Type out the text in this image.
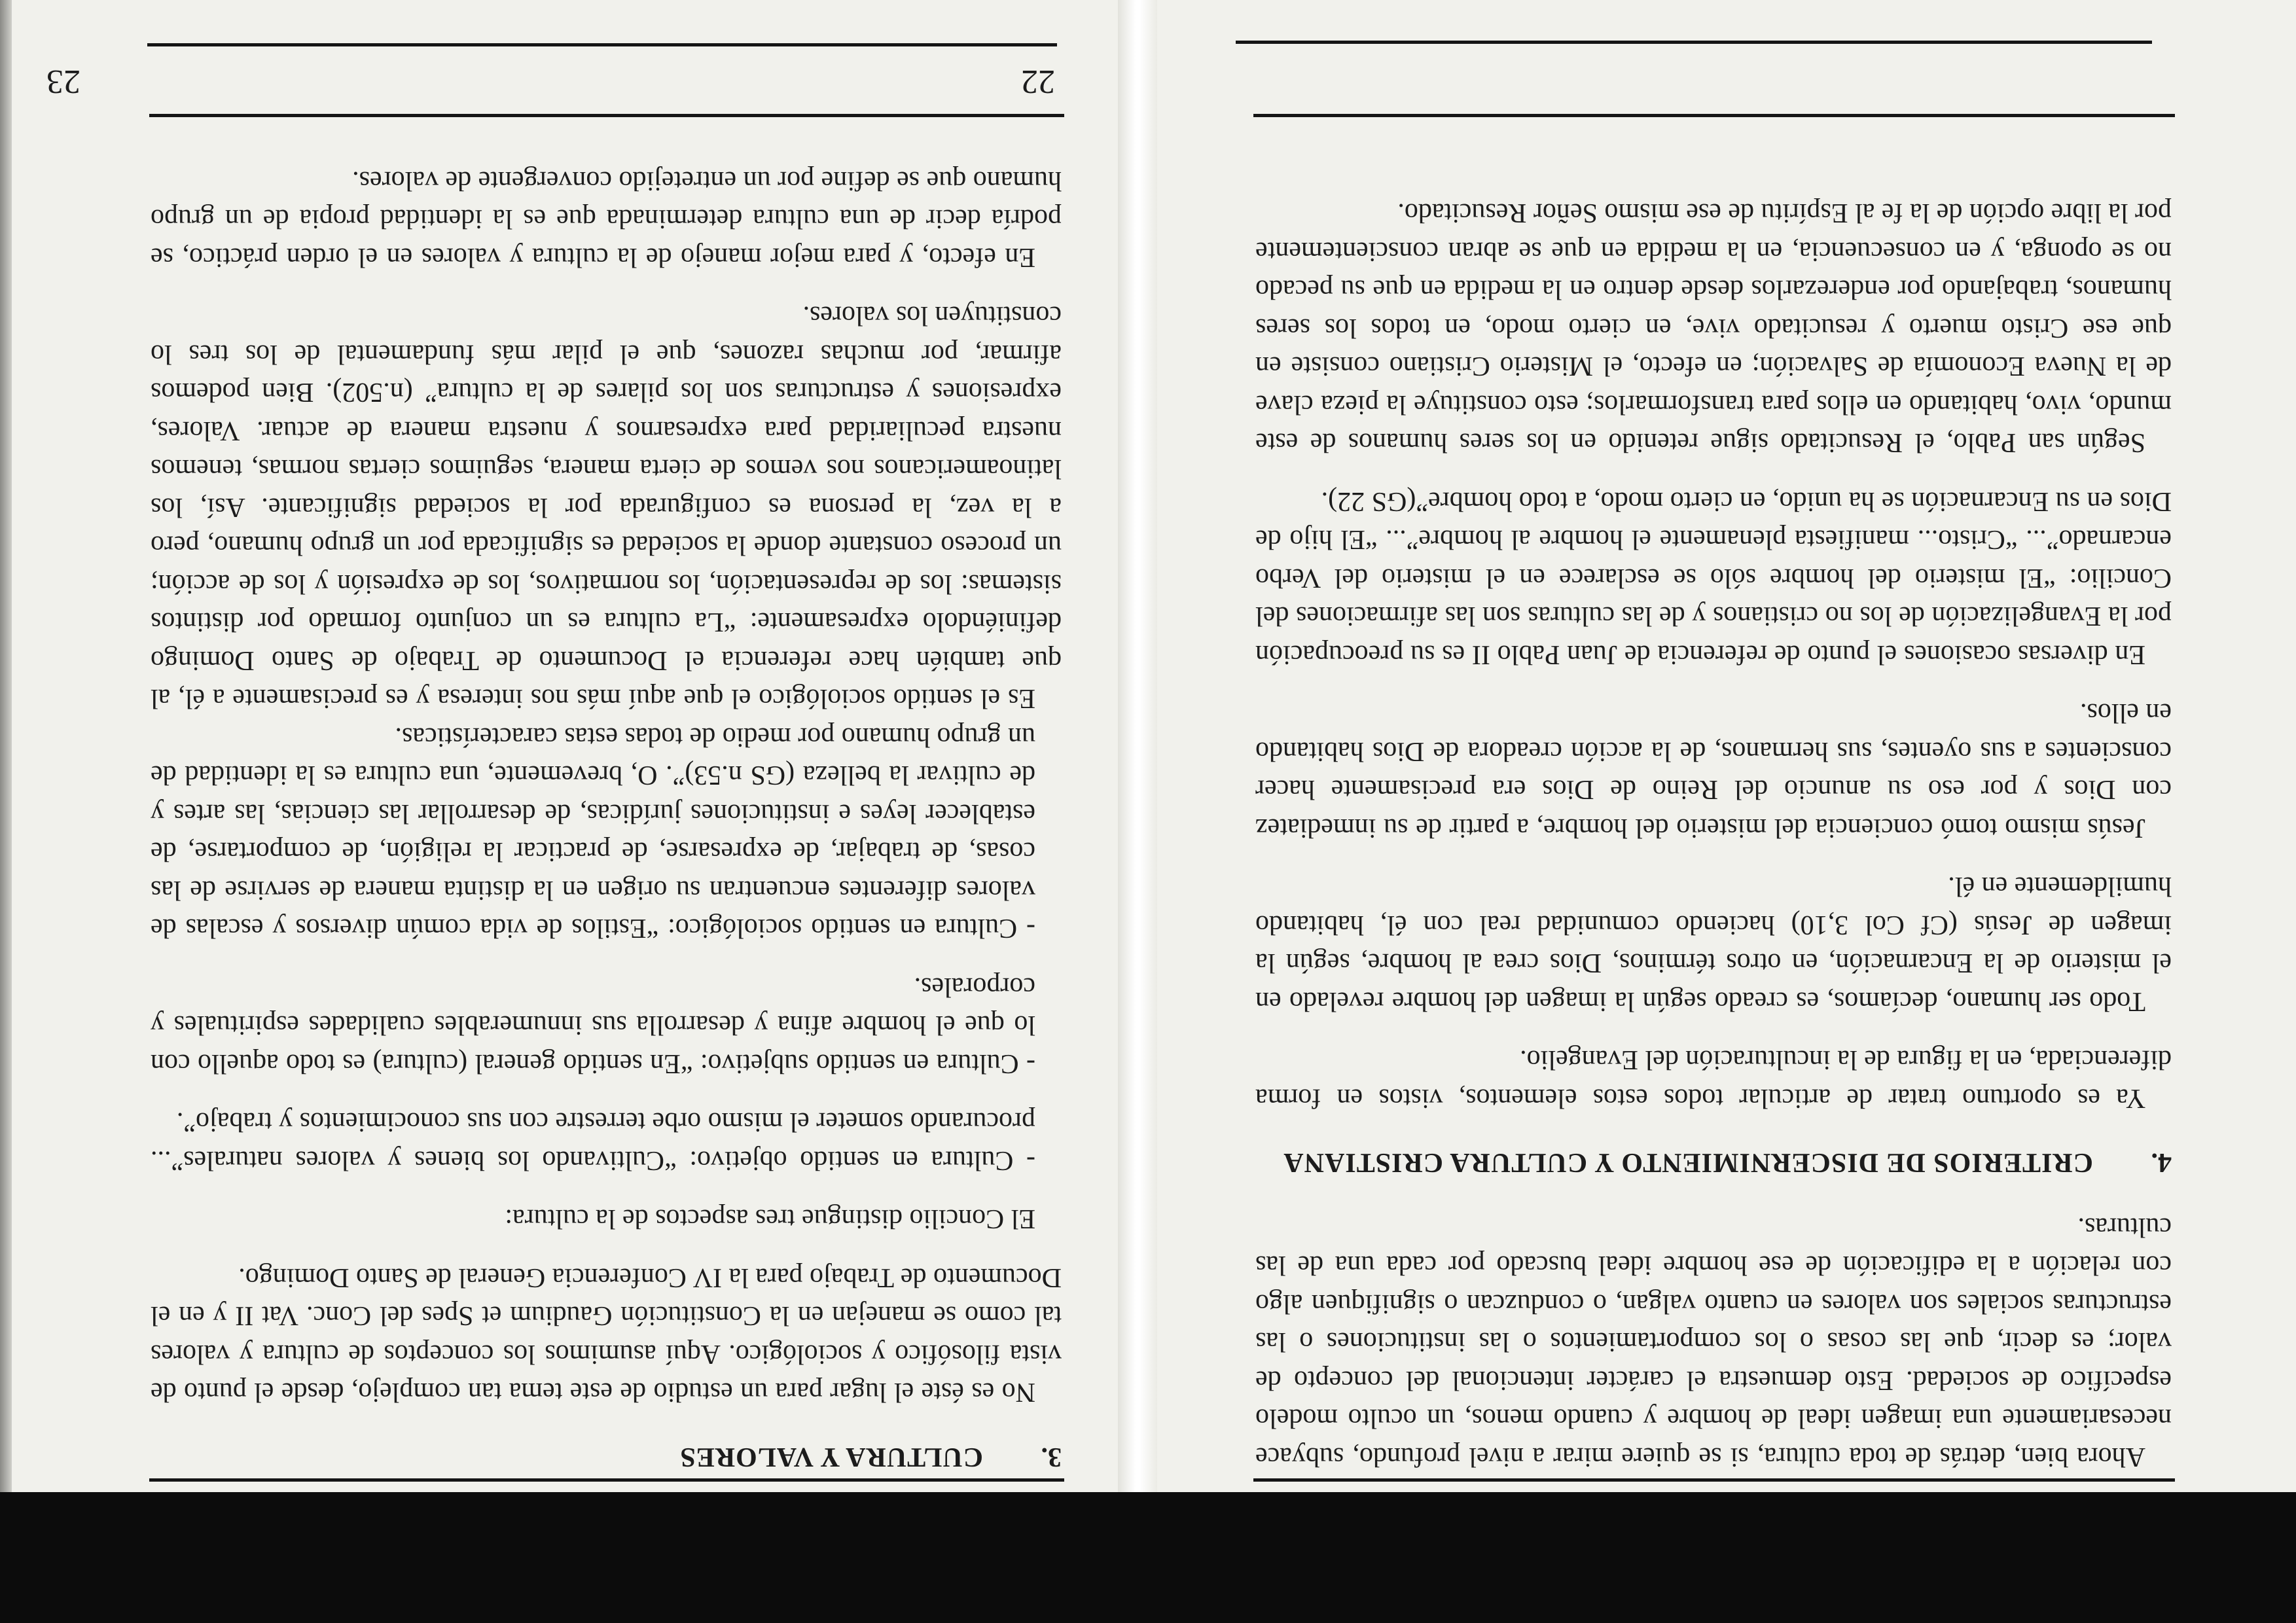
22
23
3.
CULTURA Y VALORES

No es éste el lugar para un estudio de este tema tan complejo, desde el punto de vista filosófico y sociológico. Aquí asumimos los conceptos de cultura y valores tal como se manejan en la Constitución Gaudium et Spes del Conc. Vat II y en el Documento de Trabajo para la IV Conferencia General de Santo Domingo.

El Concilio distingue tres aspectos de la cultura:

- Cultura en sentido objetivo: “Cultivando los bienes y valores naturales”... procurando someter el mismo orbe terrestre con sus conocimientos y trabajo”.

- Cultura en sentido subjetivo: “En sentido general (cultura) es todo aquello con lo que el hombre afina y desarrolla sus innumerables cualidades espirituales y corporales.

- Cultura en sentido sociológico: “Estilos de vida común diversos y escalas de valores diferentes encuentran su origen en la distinta manera de servirse de las cosas, de trabajar, de expresarse, de practicar la religión, de comportarse, de establecer leyes e instituciones jurídicas, de desarrollar las ciencias, las artes y de cultivar la belleza (GS n.53)”. O, brevemente, una cultura es la identidad de un grupo humano por medio de todas estas características.

Es el sentido sociológico el que aquí más nos interesa y es precisamente a él, al que también hace referencia el Documento de Trabajo de Santo Domingo definiéndolo expresamente: “La cultura es un conjunto formado por distintos sistemas: los de representación, los normativos, los de expresión y los de acción; un proceso constante donde la sociedad es significada por un grupo humano, pero a la vez, la persona es configurada por la sociedad significante. Así, los latinoamericanos nos vemos de cierta manera, seguimos ciertas normas, tenemos nuestra peculiaridad para expresarnos y nuestra manera de actuar. Valores, expresiones y estructuras son los pilares de la cultura” (n.502). Bien podemos afirmar, por muchas razones, que el pilar más fundamental de los tres lo constituyen los valores.

En efecto, y para mejor manejo de la cultura y valores en el orden práctico, se podría decir de una cultura determinada que es la identidad propia de un grupo humano que se define por un entretejido convergente de valores.

Ahora bien, detrás de toda cultura, si se quiere mirar a nivel profundo, subyace necesariamente una imagen ideal de hombre y cuando menos, un oculto modelo específico de sociedad. Esto demuestra el carácter intencional del concepto de valor; es decir, que las cosas o los comportamientos o las instituciones o las estructuras sociales son valores en cuanto valgan, o conduzcan o signifiquen algo con relación a la edificación de ese hombre ideal buscado por cada una de las culturas.

4.
CRITERIOS DE DISCERNIMIENTO Y CULTURA CRISTIANA

Ya es oportuno tratar de articular todos estos elementos, vistos en forma diferenciada, en la figura de la inculturación del Evangelio.

Todo ser humano, decíamos, es creado según la imagen del hombre revelado en el misterio de la Encarnación, en otros términos, Dios crea al hombre, según la imagen de Jesús (Cf Col 3,10) haciendo comunidad real con él, habitando humildemente en él.

Jesús mismo tomó conciencia del misterio del hombre, a partir de su inmediatez con Dios y por eso su anuncio del Reino de Dios era precisamente hacer conscientes a sus oyentes, sus hermanos, de la acción creadora de Dios habitando en ellos.

En diversas ocasiones el punto de referencia de Juan Pablo II es su preocupación por la Evangelización de los no cristianos y de las culturas son las afirmaciones del Concilio: “El misterio del hombre sólo se esclarece en el misterio del Verbo encarnado”... “Cristo... manifiesta plenamente el hombre al hombre”... “El hijo de Dios en su Encarnación se ha unido, en cierto modo, a todo hombre”(GS 22).

Según san Pablo, el Resucitado sigue retenido en los seres humanos de este mundo, vivo, habitando en ellos para transformarlos; esto constituye la pieza clave de la Nueva Economía de Salvación; en efecto, el Misterio Cristiano consiste en que ese Cristo muerto y resucitado vive, en cierto modo, en todos los seres humanos, trabajando por enderezarlos desde dentro en la medida en que su pecado no se oponga, y en consecuencia, en la medida en que se abran conscientemente por la libre opción de la fe al Espíritu de ese mismo Señor Resucitado.
